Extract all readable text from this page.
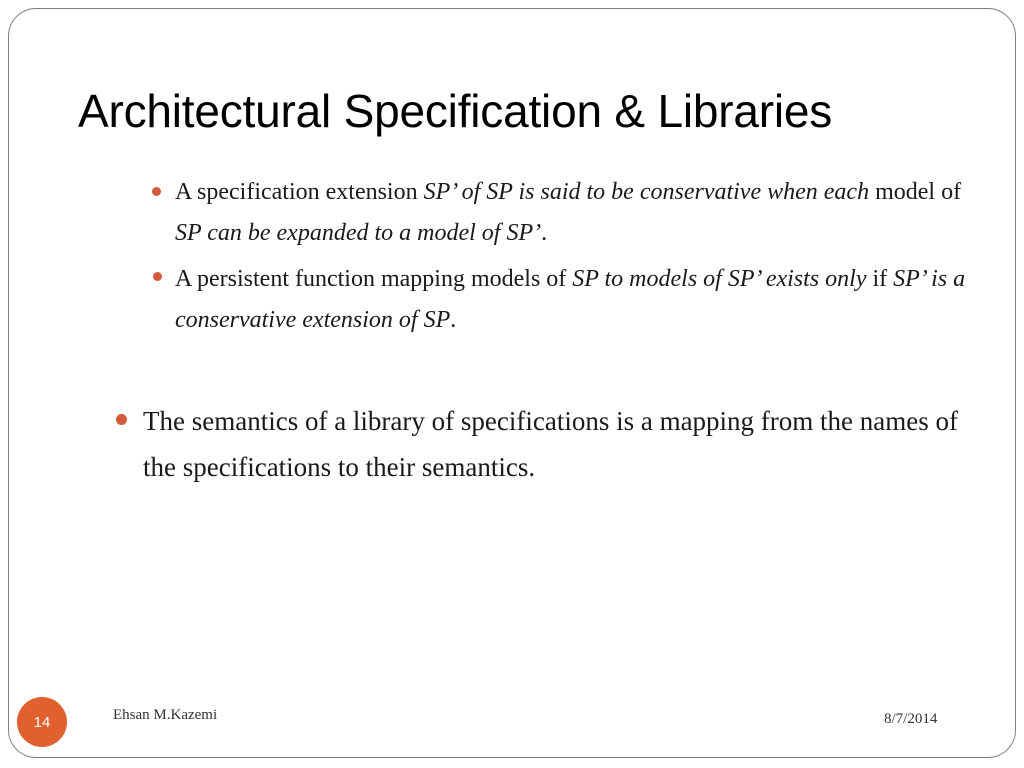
Architectural Specification & Libraries

A specification extension SP’ of SP is said to be conservative when each model of SP can be expanded to a model of SP’.

A persistent function mapping models of SP to models of SP’ exists only if SP’ is a conservative extension of SP.

The semantics of a library of specifications is a mapping from the names of the specifications to their semantics.

Ehsan M.Kazemi	8/7/2014
14
